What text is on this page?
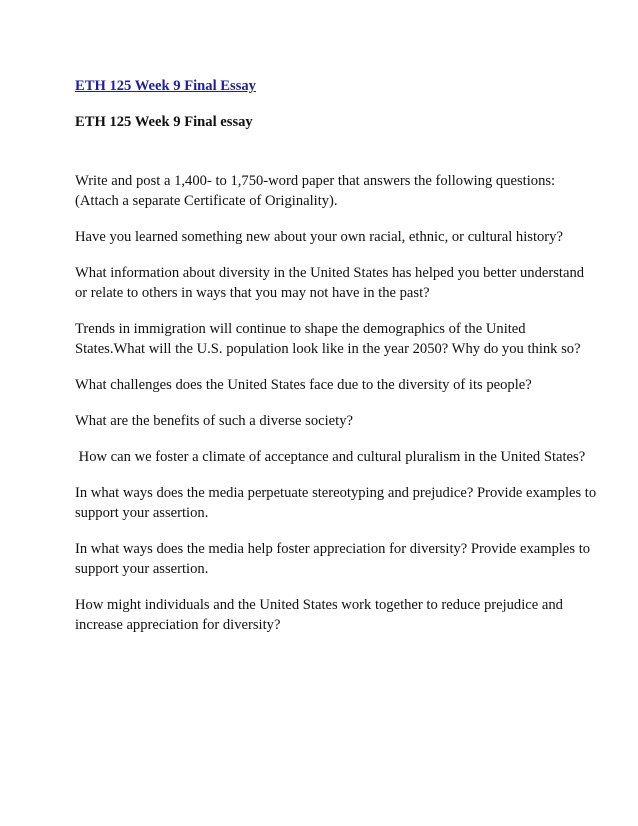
ETH 125 Week 9 Final Essay

ETH 125 Week 9 Final essay

Write and post a 1,400- to 1,750-word paper that answers the following questions: (Attach a separate Certificate of Originality).

Have you learned something new about your own racial, ethnic, or cultural history?

What information about diversity in the United States has helped you better understand or relate to others in ways that you may not have in the past?

Trends in immigration will continue to shape the demographics of the United States.What will the U.S. population look like in the year 2050? Why do you think so?

What challenges does the United States face due to the diversity of its people?

What are the benefits of such a diverse society?

How can we foster a climate of acceptance and cultural pluralism in the United States?

In what ways does the media perpetuate stereotyping and prejudice? Provide examples to support your assertion.

In what ways does the media help foster appreciation for diversity? Provide examples to support your assertion.

How might individuals and the United States work together to reduce prejudice and increase appreciation for diversity?
